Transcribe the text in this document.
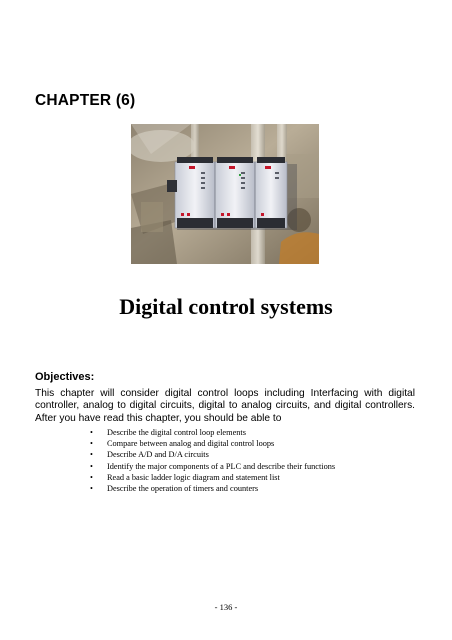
CHAPTER (6)
Digital control systems
Objectives:

This chapter will consider digital control loops including Interfacing with digital controller, analog to digital circuits, digital to analog circuits, and digital controllers. After you have read this chapter, you should be able to

• Describe the digital control loop elements
• Compare between analog and digital control loops
• Describe A/D and D/A circuits
• Identify the major components of a PLC and describe their functions
• Read a basic ladder logic diagram and statement list
• Describe the operation of timers and counters

- 136 -
